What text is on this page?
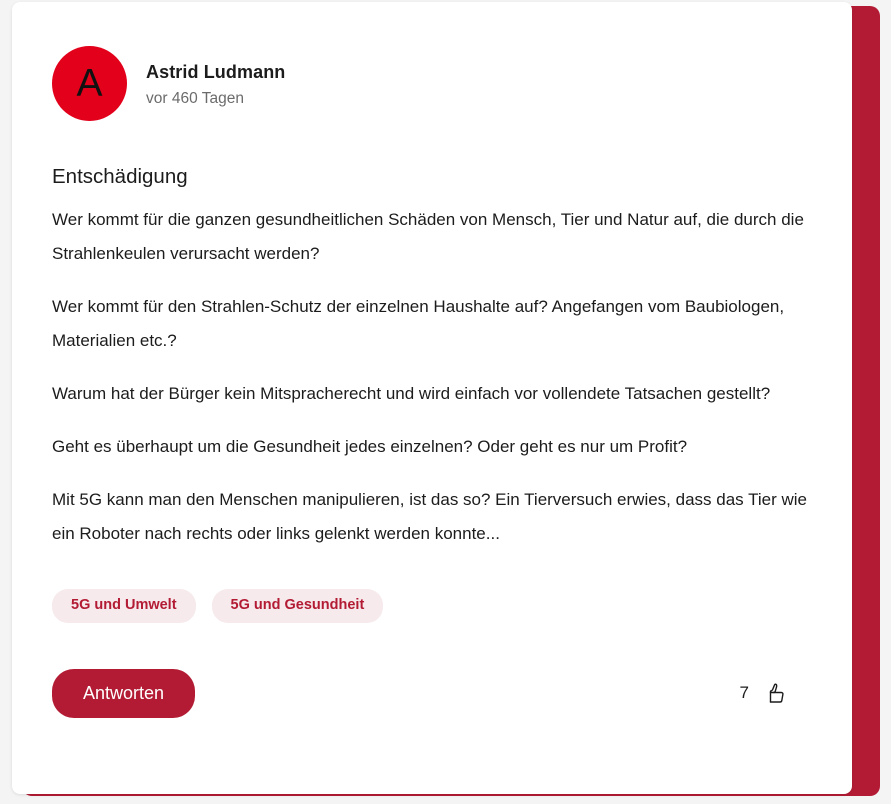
A	Astrid Ludmann
vor 460 Tagen
Entschädigung

Wer kommt für die ganzen gesundheitlichen Schäden von Mensch, Tier und Natur auf, die durch die Strahlenkeulen verursacht werden?

Wer kommt für den Strahlen-Schutz der einzelnen Haushalte auf? Angefangen vom Baubiologen, Materialien etc.?

Warum hat der Bürger kein Mitspracherecht und wird einfach vor vollendete Tatsachen gestellt?

Geht es überhaupt um die Gesundheit jedes einzelnen? Oder geht es nur um Profit?

Mit 5G kann man den Menschen manipulieren, ist das so? Ein Tierversuch erwies, dass das Tier wie ein Roboter nach rechts oder links gelenkt werden konnte...

5G und Umwelt	5G und Gesundheit
Antworten	7
